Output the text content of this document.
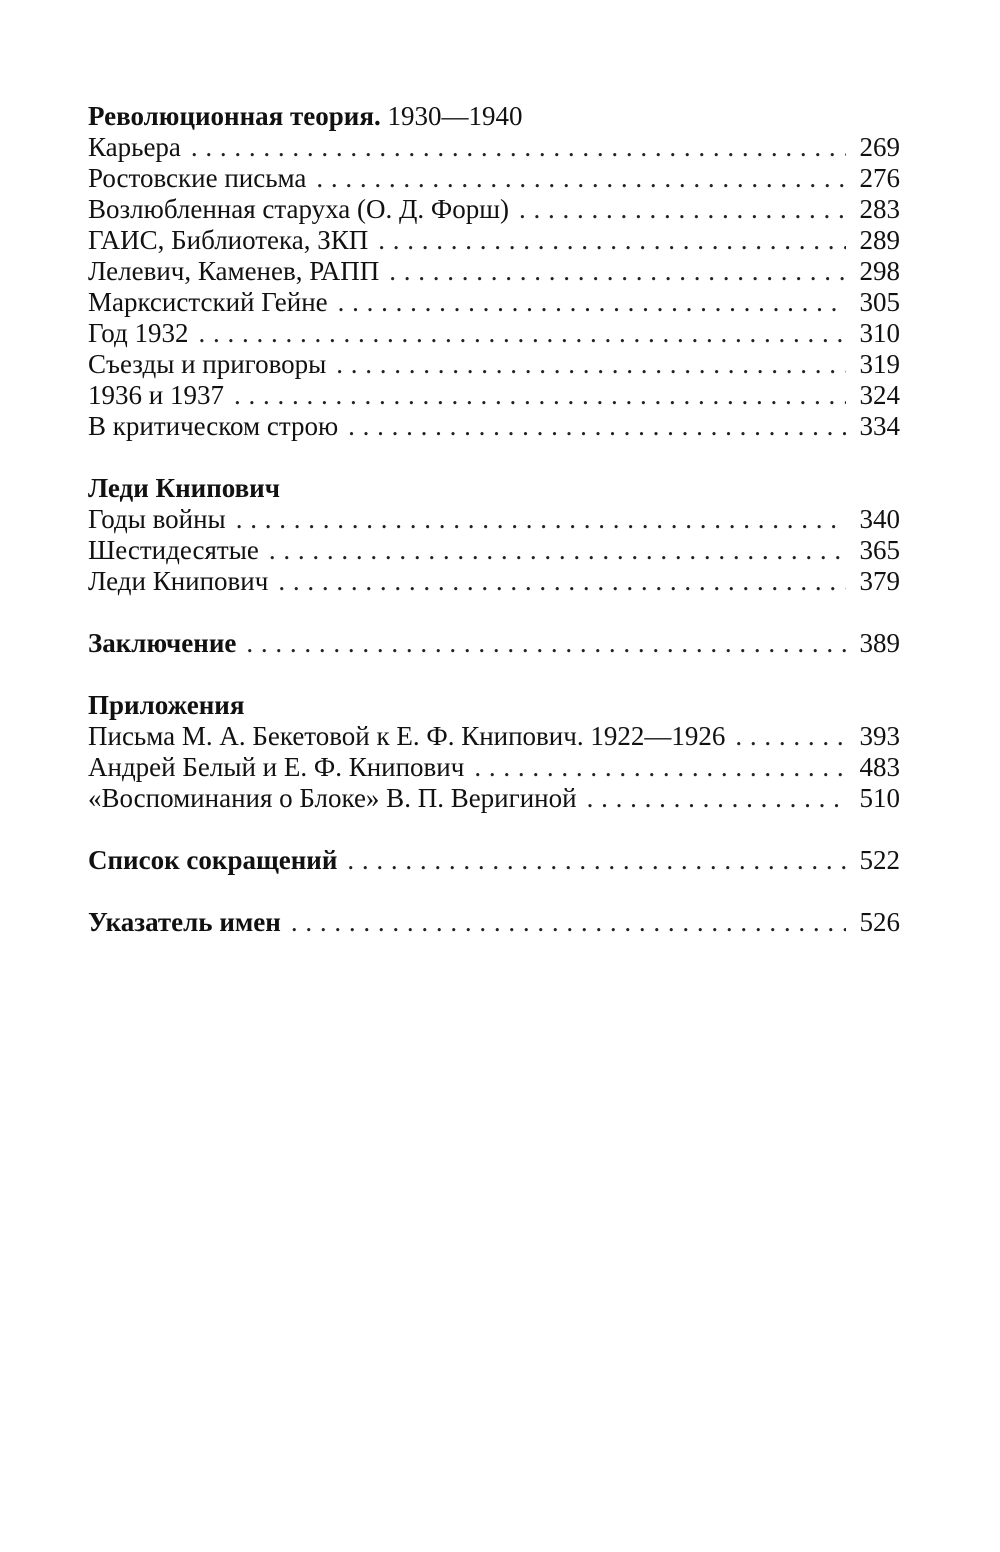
Революционная теория. 1930—1940
Карьера . . .	269
Ростовские письма . . .	276
Возлюбленная старуха (О. Д. Форш) . . .	283
ГАИС, Библиотека, ЗКП . . .	289
Лелевич, Каменев, РАПП . . .	298
Марксистский Гейне . . .	305
Год 1932 . . .	310
Съезды и приговоры . . .	319
1936 и 1937 . . .	324
В критическом строю . . .	334
Леди Книпович
Годы войны . . .	340
Шестидесятые . . .	365
Леди Книпович . . .	379
Заключение . . .	389
Приложения
Письма М. А. Бекетовой к Е. Ф. Книпович. 1922—1926 . . .	393
Андрей Белый и Е. Ф. Книпович . . .	483
«Воспоминания о Блоке» В. П. Веригиной . . .	510
Список сокращений . . .	522
Указатель имен . . .	526
